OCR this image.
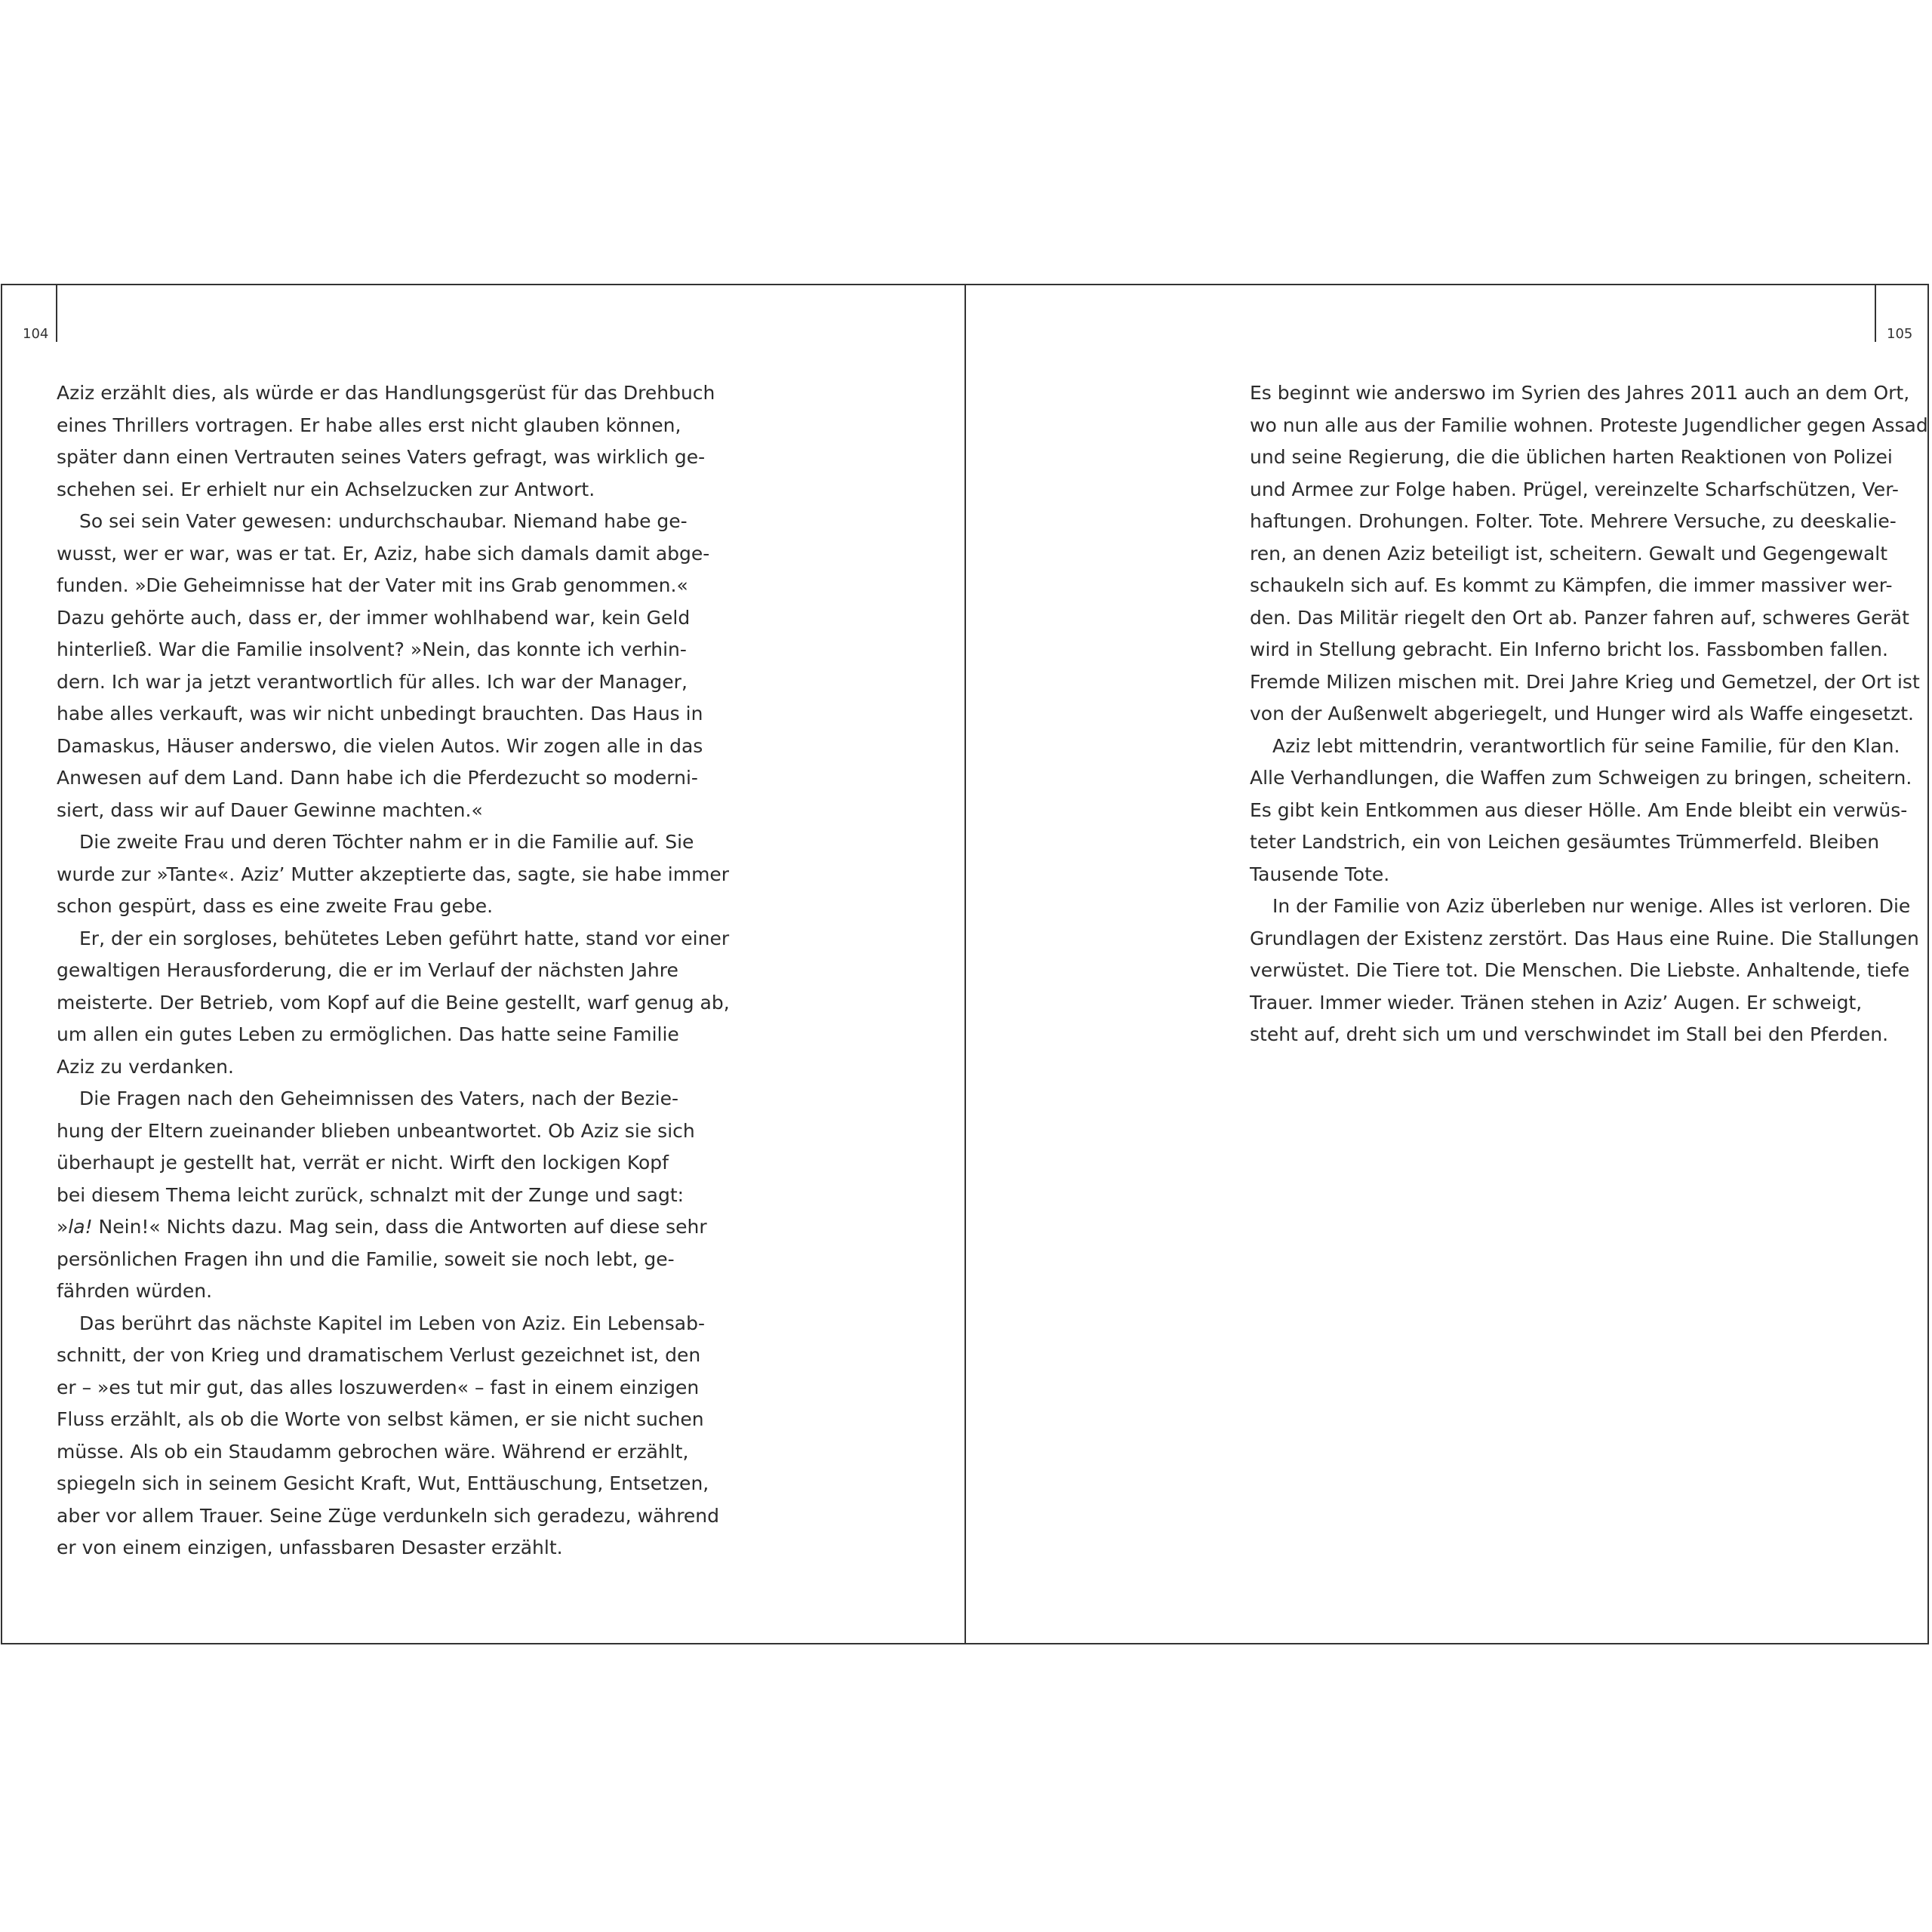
104	105
Aziz erzählt dies, als würde er das Handlungsgerüst für das Drehbuch
eines Thrillers vortragen. Er habe alles erst nicht glauben können,
später dann einen Vertrauten seines Vaters gefragt, was wirklich ge-
schehen sei. Er erhielt nur ein Achselzucken zur Antwort.
So sei sein Vater gewesen: undurchschaubar. Niemand habe ge-
wusst, wer er war, was er tat. Er, Aziz, habe sich damals damit abge-
funden. »Die Geheimnisse hat der Vater mit ins Grab genommen.«
Dazu gehörte auch, dass er, der immer wohlhabend war, kein Geld
hinterließ. War die Familie insolvent? »Nein, das konnte ich verhin-
dern. Ich war ja jetzt verantwortlich für alles. Ich war der Manager,
habe alles verkauft, was wir nicht unbedingt brauchten. Das Haus in
Damaskus, Häuser anderswo, die vielen Autos. Wir zogen alle in das
Anwesen auf dem Land. Dann habe ich die Pferdezucht so moderni-
siert, dass wir auf Dauer Gewinne machten.«
Die zweite Frau und deren Töchter nahm er in die Familie auf. Sie
wurde zur »Tante«. Aziz’ Mutter akzeptierte das, sagte, sie habe immer
schon gespürt, dass es eine zweite Frau gebe.
Er, der ein sorgloses, behütetes Leben geführt hatte, stand vor einer
gewaltigen Herausforderung, die er im Verlauf der nächsten Jahre
meisterte. Der Betrieb, vom Kopf auf die Beine gestellt, warf genug ab,
um allen ein gutes Leben zu ermöglichen. Das hatte seine Familie
Aziz zu verdanken.
Die Fragen nach den Geheimnissen des Vaters, nach der Bezie-
hung der Eltern zueinander blieben unbeantwortet. Ob Aziz sie sich
überhaupt je gestellt hat, verrät er nicht. Wirft den lockigen Kopf
bei diesem Thema leicht zurück, schnalzt mit der Zunge und sagt:
»la! Nein!« Nichts dazu. Mag sein, dass die Antworten auf diese sehr
persönlichen Fragen ihn und die Familie, soweit sie noch lebt, ge-
fährden würden.
Das berührt das nächste Kapitel im Leben von Aziz. Ein Lebensab-
schnitt, der von Krieg und dramatischem Verlust gezeichnet ist, den
er – »es tut mir gut, das alles loszuwerden« – fast in einem einzigen
Fluss erzählt, als ob die Worte von selbst kämen, er sie nicht suchen
müsse. Als ob ein Staudamm gebrochen wäre. Während er erzählt,
spiegeln sich in seinem Gesicht Kraft, Wut, Enttäuschung, Entsetzen,
aber vor allem Trauer. Seine Züge verdunkeln sich geradezu, während
er von einem einzigen, unfassbaren Desaster erzählt.
Es beginnt wie anderswo im Syrien des Jahres 2011 auch an dem Ort,
wo nun alle aus der Familie wohnen. Proteste Jugendlicher gegen Assad
und seine Regierung, die die üblichen harten Reaktionen von Polizei
und Armee zur Folge haben. Prügel, vereinzelte Scharfschützen, Ver-
haftungen. Drohungen. Folter. Tote. Mehrere Versuche, zu deeskalie-
ren, an denen Aziz beteiligt ist, scheitern. Gewalt und Gegengewalt
schaukeln sich auf. Es kommt zu Kämpfen, die immer massiver wer-
den. Das Militär riegelt den Ort ab. Panzer fahren auf, schweres Gerät
wird in Stellung gebracht. Ein Inferno bricht los. Fassbomben fallen.
Fremde Milizen mischen mit. Drei Jahre Krieg und Gemetzel, der Ort ist
von der Außenwelt abgeriegelt, und Hunger wird als Waffe eingesetzt.
Aziz lebt mittendrin, verantwortlich für seine Familie, für den Klan.
Alle Verhandlungen, die Waffen zum Schweigen zu bringen, scheitern.
Es gibt kein Entkommen aus dieser Hölle. Am Ende bleibt ein verwüs-
teter Landstrich, ein von Leichen gesäumtes Trümmerfeld. Bleiben
Tausende Tote.
In der Familie von Aziz überleben nur wenige. Alles ist verloren. Die
Grundlagen der Existenz zerstört. Das Haus eine Ruine. Die Stallungen
verwüstet. Die Tiere tot. Die Menschen. Die Liebste. Anhaltende, tiefe
Trauer. Immer wieder. Tränen stehen in Aziz’ Augen. Er schweigt,
steht auf, dreht sich um und verschwindet im Stall bei den Pferden.
